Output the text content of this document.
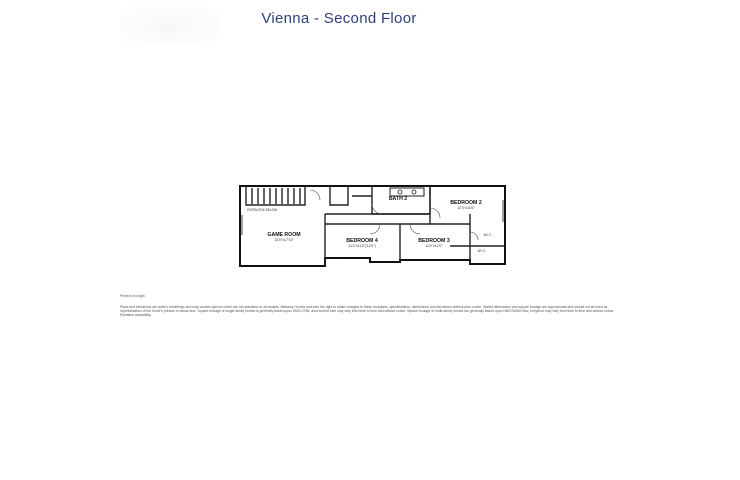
Vienna - Second Floor
GAME ROOM
13'0"x17'10"	BEDROOM 4
11'4"x11'0"(12'0")
BEDROOM 3
11'0"x12'0"
BEDROOM 2
12'0"x11'6"
BATH 2
W.I.C.
W.I.C.
OVERLOOK BELOW
Printed on origin
Plans and elevations are artist's renderings and may contain options which are not standard on all models. Mattamy Homes reserves the right to make changes to these floorplans, specifications, dimensions and elevations without prior notice. Stated dimensions and square footage are approximate and should not be used as representation of the home's precise or actual size. Square footage of single family homes is generally based upon ANSI Z765; area and lot size may vary from time to time and without notice. Square footage of multi-family homes are generally based upon NAS BOMA 96a; a legal lot may vary from time to time and without notice. Elevation availability.
